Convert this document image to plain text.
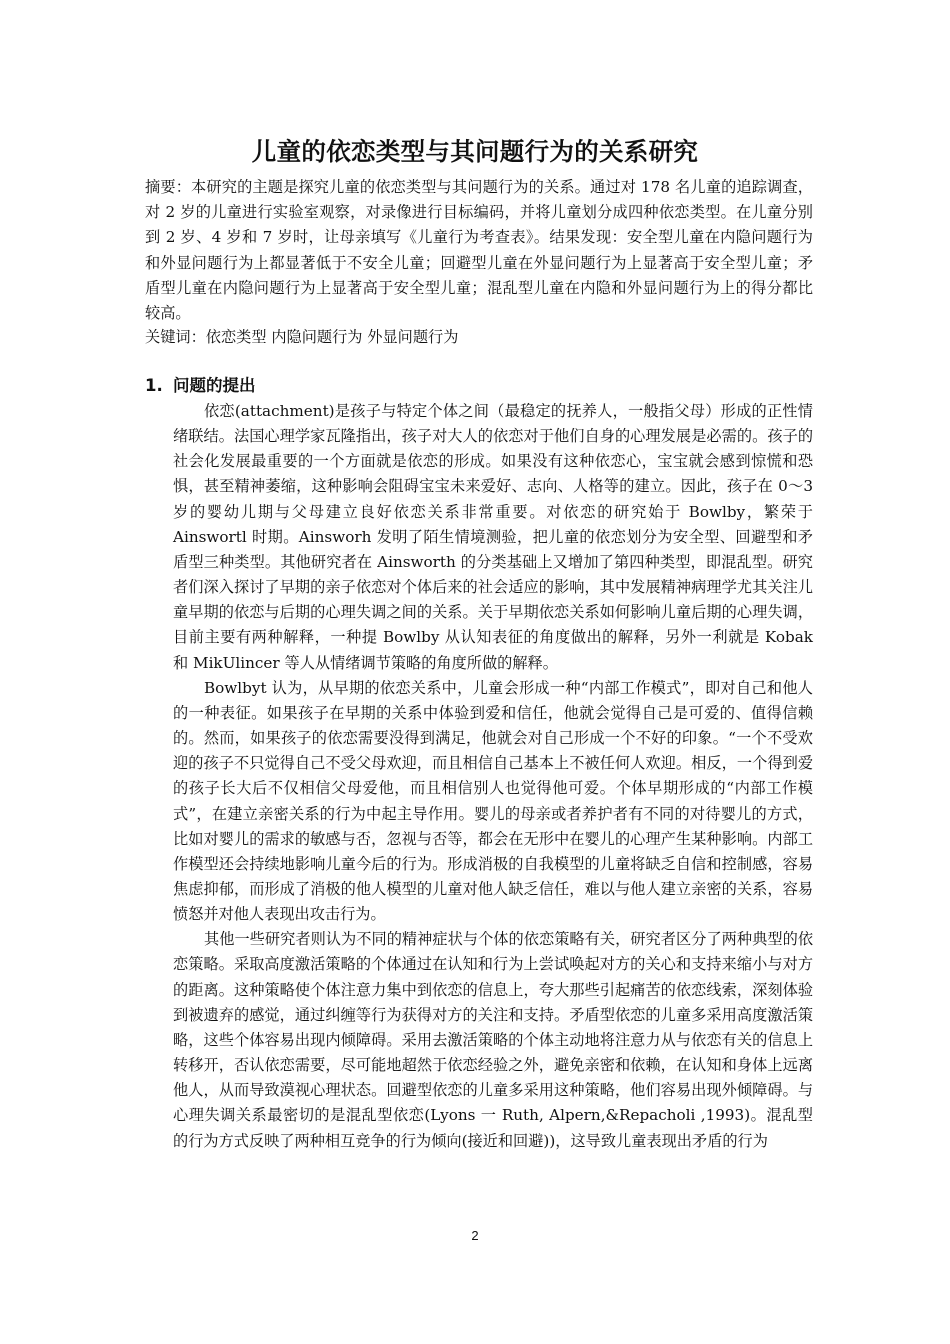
儿童的依恋类型与其问题行为的关系研究
摘要：本研究的主题是探究儿童的依恋类型与其问题行为的关系。通过对 178 名儿童的追踪调查，对 2 岁的儿童进行实验室观察，对录像进行目标编码，并将儿童划分成四种依恋类型。在儿童分别到 2 岁、4 岁和 7 岁时，让母亲填写《儿童行为考查表》。结果发现：安全型儿童在内隐问题行为和外显问题行为上都显著低于不安全儿童；回避型儿童在外显问题行为上显著高于安全型儿童；矛盾型儿童在内隐问题行为上显著高于安全型儿童；混乱型儿童在内隐和外显问题行为上的得分都比较高。
关键词：依恋类型 内隐问题行为 外显问题行为
1. 问题的提出

依恋(attachment)是孩子与特定个体之间（最稳定的抚养人，一般指父母）形成的正性情绪联结。法国心理学家瓦隆指出，孩子对大人的依恋对于他们自身的心理发展是必需的。孩子的社会化发展最重要的一个方面就是依恋的形成。如果没有这种依恋心，宝宝就会感到惊慌和恐惧，甚至精神萎缩，这种影响会阻碍宝宝未来爱好、志向、人格等的建立。因此，孩子在 0～3 岁的婴幼儿期与父母建立良好依恋关系非常重要。对依恋的研究始于 Bowlby，繁荣于 Ainswortl 时期。Ainsworh 发明了陌生情境测验，把儿童的依恋划分为安全型、回避型和矛盾型三种类型。其他研究者在 Ainsworth 的分类基础上又增加了第四种类型，即混乱型。研究者们深入探讨了早期的亲子依恋对个体后来的社会适应的影响，其中发展精神病理学尤其关注儿童早期的依恋与后期的心理失调之间的关系。关于早期依恋关系如何影响儿童后期的心理失调，目前主要有两种解释，一种提 Bowlby 从认知表征的角度做出的解释，另外一利就是 Kobak 和 MikUlincer 等人从情绪调节策略的角度所做的解释。

Bowlbyt 认为，从早期的依恋关系中，儿童会形成一种“内部工作模式”，即对自己和他人的一种表征。如果孩子在早期的关系中体验到爱和信任，他就会觉得自己是可爱的、值得信赖的。然而，如果孩子的依恋需要没得到满足，他就会对自己形成一个不好的印象。“一个不受欢迎的孩子不只觉得自己不受父母欢迎，而且相信自己基本上不被任何人欢迎。相反，一个得到爱的孩子长大后不仅相信父母爱他，而且相信别人也觉得他可爱。个体早期形成的“内部工作模式”，在建立亲密关系的行为中起主导作用。婴儿的母亲或者养护者有不同的对待婴儿的方式，比如对婴儿的需求的敏感与否，忽视与否等，都会在无形中在婴儿的心理产生某种影响。内部工作模型还会持续地影响儿童今后的行为。形成消极的自我模型的儿童将缺乏自信和控制感，容易焦虑抑郁，而形成了消极的他人模型的儿童对他人缺乏信任，难以与他人建立亲密的关系，容易愤怒并对他人表现出攻击行为。

其他一些研究者则认为不同的精神症状与个体的依恋策略有关，研究者区分了两种典型的依恋策略。采取高度激活策略的个体通过在认知和行为上尝试唤起对方的关心和支持来缩小与对方的距离。这种策略使个体注意力集中到依恋的信息上，夸大那些引起痛苦的依恋线索，深刻体验到被遗弃的感觉，通过纠缠等行为获得对方的关注和支持。矛盾型依恋的儿童多采用高度激活策略，这些个体容易出现内倾障碍。采用去激活策略的个体主动地将注意力从与依恋有关的信息上转移开，否认依恋需要，尽可能地超然于依恋经验之外，避免亲密和依赖，在认知和身体上远离他人，从而导致漠视心理状态。回避型依恋的儿童多采用这种策略，他们容易出现外倾障碍。与心理失调关系最密切的是混乱型依恋(Lyons 一 Ruth, Alpern,&Repacholi ,1993)。混乱型的行为方式反映了两种相互竞争的行为倾向(接近和回避))，这导致儿童表现出矛盾的行为

2
